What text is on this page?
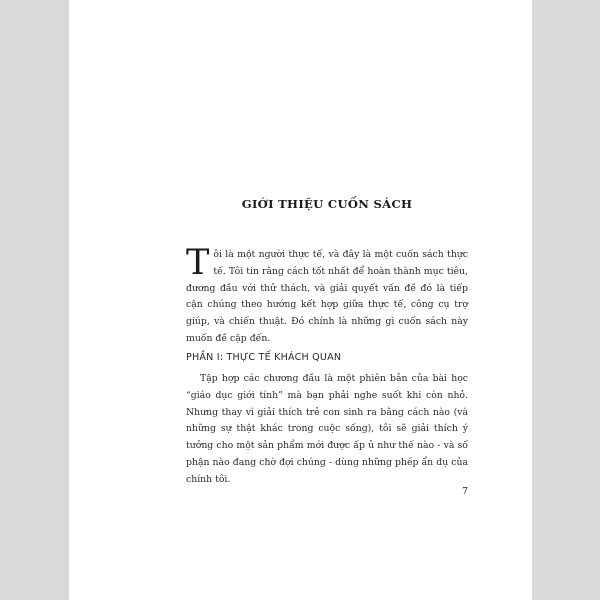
GIỚI THIỆU CUỐN SÁCH

Tôi là một người thực tế, và đây là một cuốn sách thực tế. Tôi tin rằng cách tốt nhất để hoàn thành mục tiêu, đương đầu với thử thách, và giải quyết vấn đề đó là tiếp cận chúng theo hướng kết hợp giữa thực tế, công cụ trợ giúp, và chiến thuật. Đó chính là những gì cuốn sách này muốn đề cập đến.

PHẦN I: THỰC TẾ KHÁCH QUAN

Tập hợp các chương đầu là một phiên bản của bài học “giáo dục giới tính” mà bạn phải nghe suốt khi còn nhỏ. Nhưng thay vì giải thích trẻ con sinh ra bằng cách nào (và những sự thật khác trong cuộc sống), tôi sẽ giải thích ý tưởng cho một sản phẩm mới được ấp ủ như thế nào - và số phận nào đang chờ đợi chúng - dùng những phép ẩn dụ của chính tôi.

7
